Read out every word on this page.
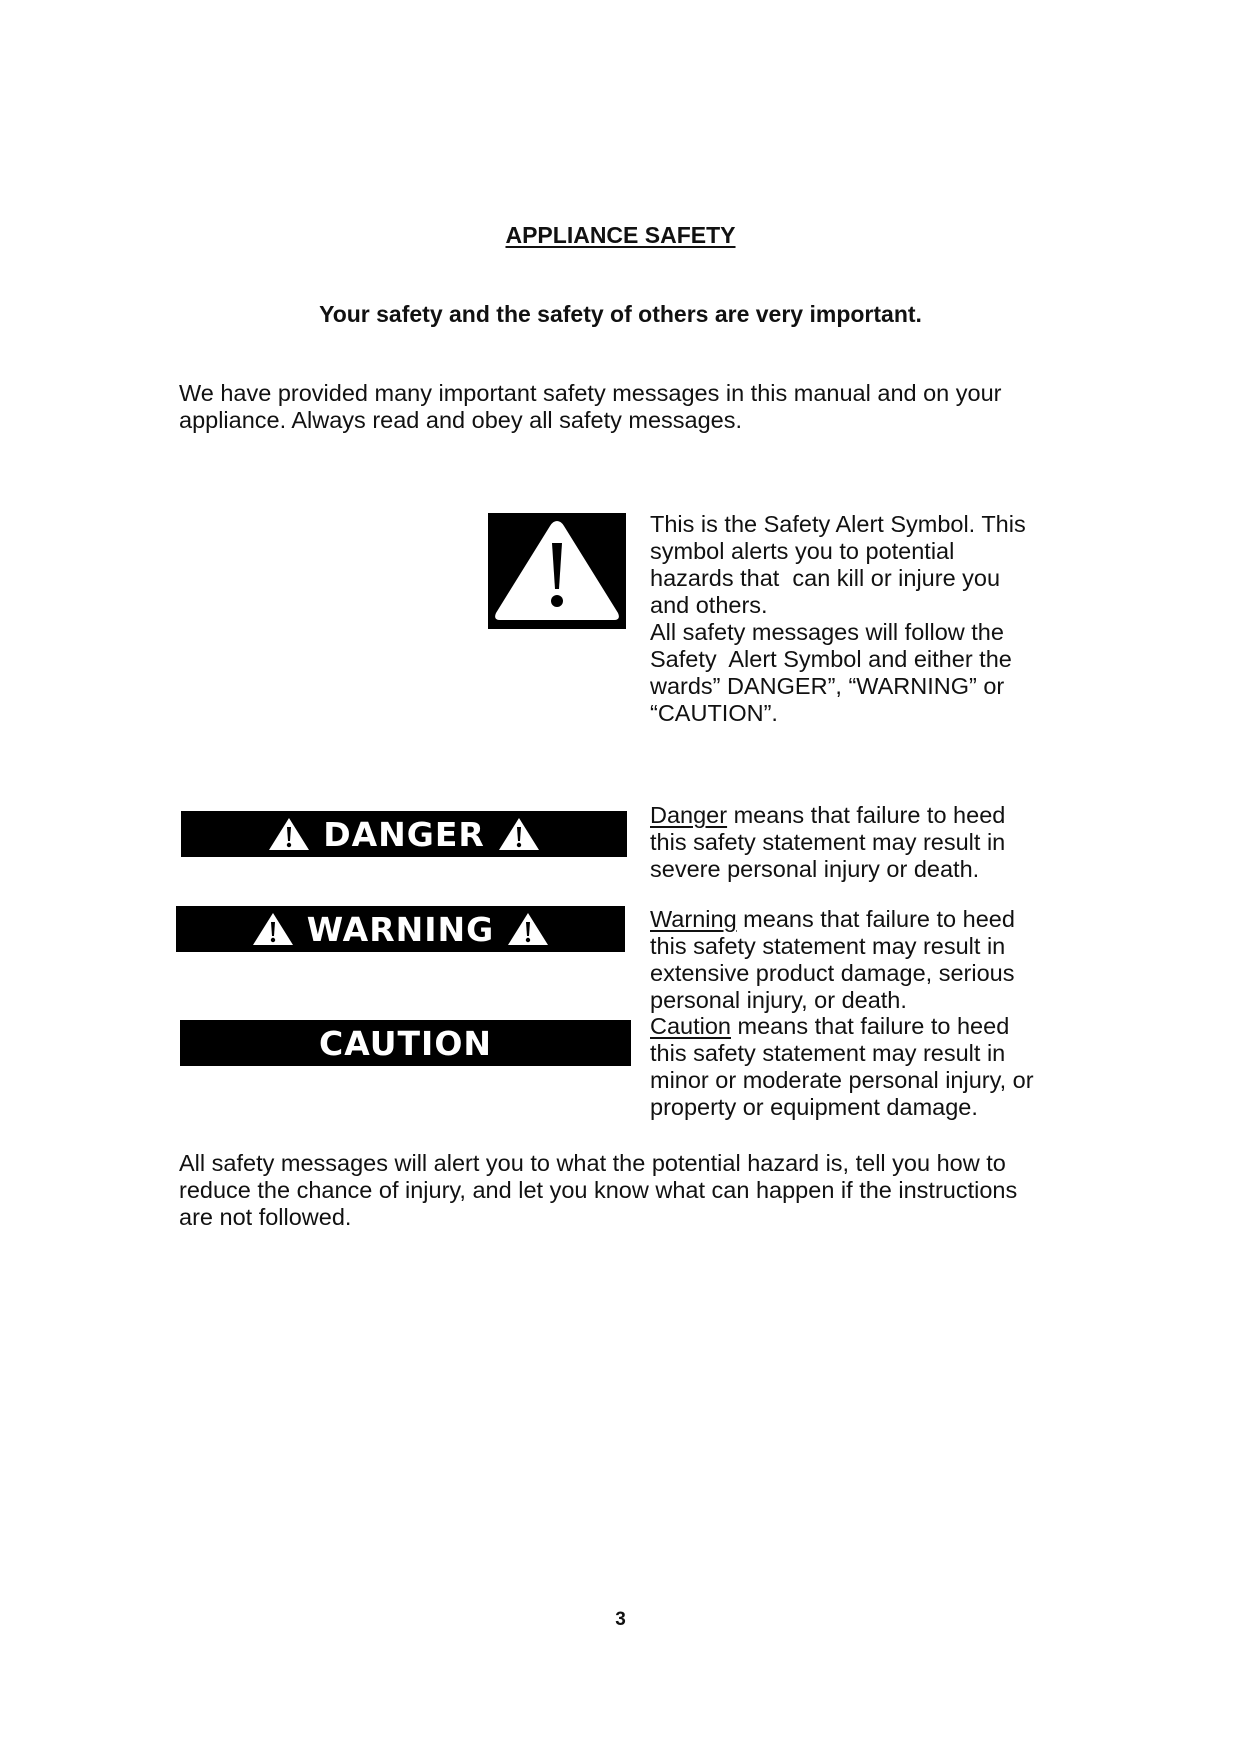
APPLIANCE SAFETY
Your safety and the safety of others are very important.
We have provided many important safety messages in this manual and on your
appliance. Always read and obey all safety messages.
This is the Safety Alert Symbol. This
symbol alerts you to potential
hazards that  can kill or injure you
and others.
All safety messages will follow the
Safety  Alert Symbol and either the
wards” DANGER”, “WARNING” or
“CAUTION”.
DANGER	Danger means that failure to heed
this safety statement may result in
severe personal injury or death.
WARNING	Warning means that failure to heed
this safety statement may result in
extensive product damage, serious
personal injury, or death.
CAUTION	Caution means that failure to heed
this safety statement may result in
minor or moderate personal injury, or
property or equipment damage.
All safety messages will alert you to what the potential hazard is, tell you how to
reduce the chance of injury, and let you know what can happen if the instructions
are not followed.
3
